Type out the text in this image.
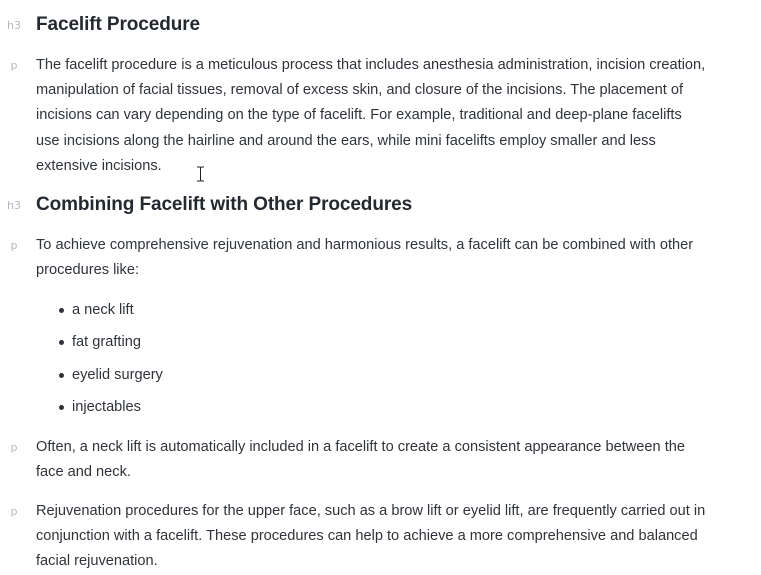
h3 Facelift Procedure
p	The facelift procedure is a meticulous process that includes anesthesia administration, incision creation,
manipulation of facial tissues, removal of excess skin, and closure of the incisions. The placement of
incisions can vary depending on the type of facelift. For example, traditional and deep-plane facelifts
use incisions along the hairline and around the ears, while mini facelifts employ smaller and less
extensive incisions.
h3 Combining Facelift with Other Procedures
p	To achieve comprehensive rejuvenation and harmonious results, a facelift can be combined with other
procedures like:
a neck lift
fat grafting
eyelid surgery
injectables
p	Often, a neck lift is automatically included in a facelift to create a consistent appearance between the
face and neck.
p	Rejuvenation procedures for the upper face, such as a brow lift or eyelid lift, are frequently carried out in
conjunction with a facelift. These procedures can help to achieve a more comprehensive and balanced
facial rejuvenation.
